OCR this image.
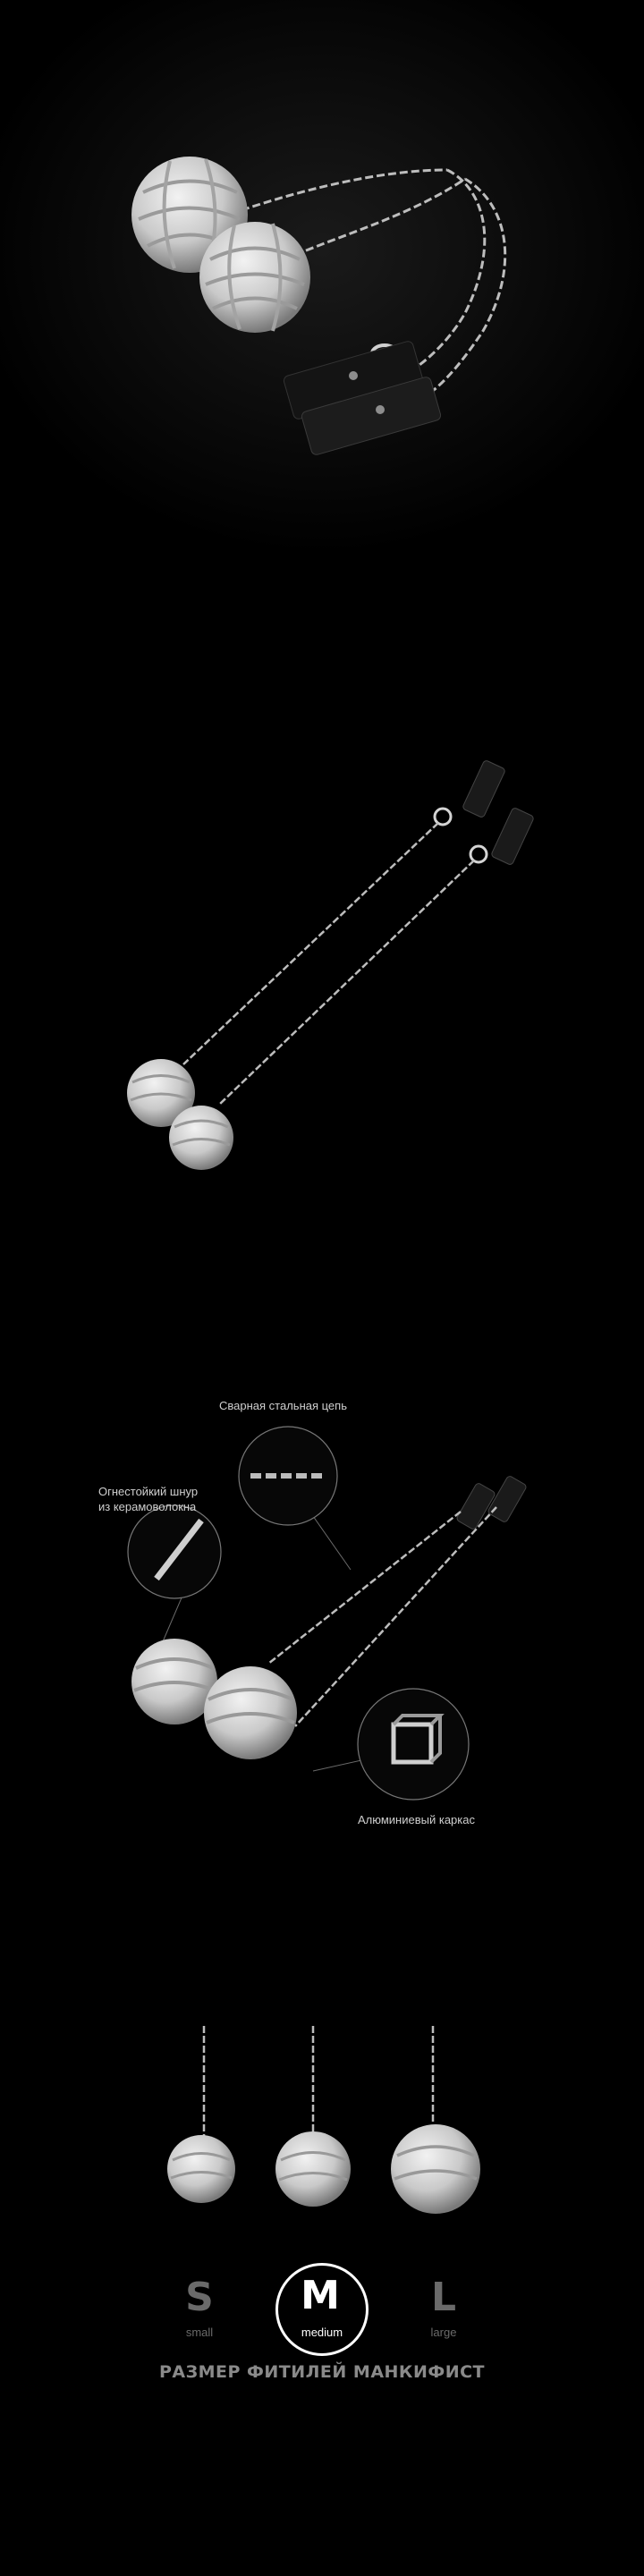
Сварная стальная цепь
Огнестойкий шнур
из керамоволокна
Алюминиевый каркас
S
small
M
medium
L
large
РАЗМЕР ФИТИЛЕЙ МАНКИФИСТ
